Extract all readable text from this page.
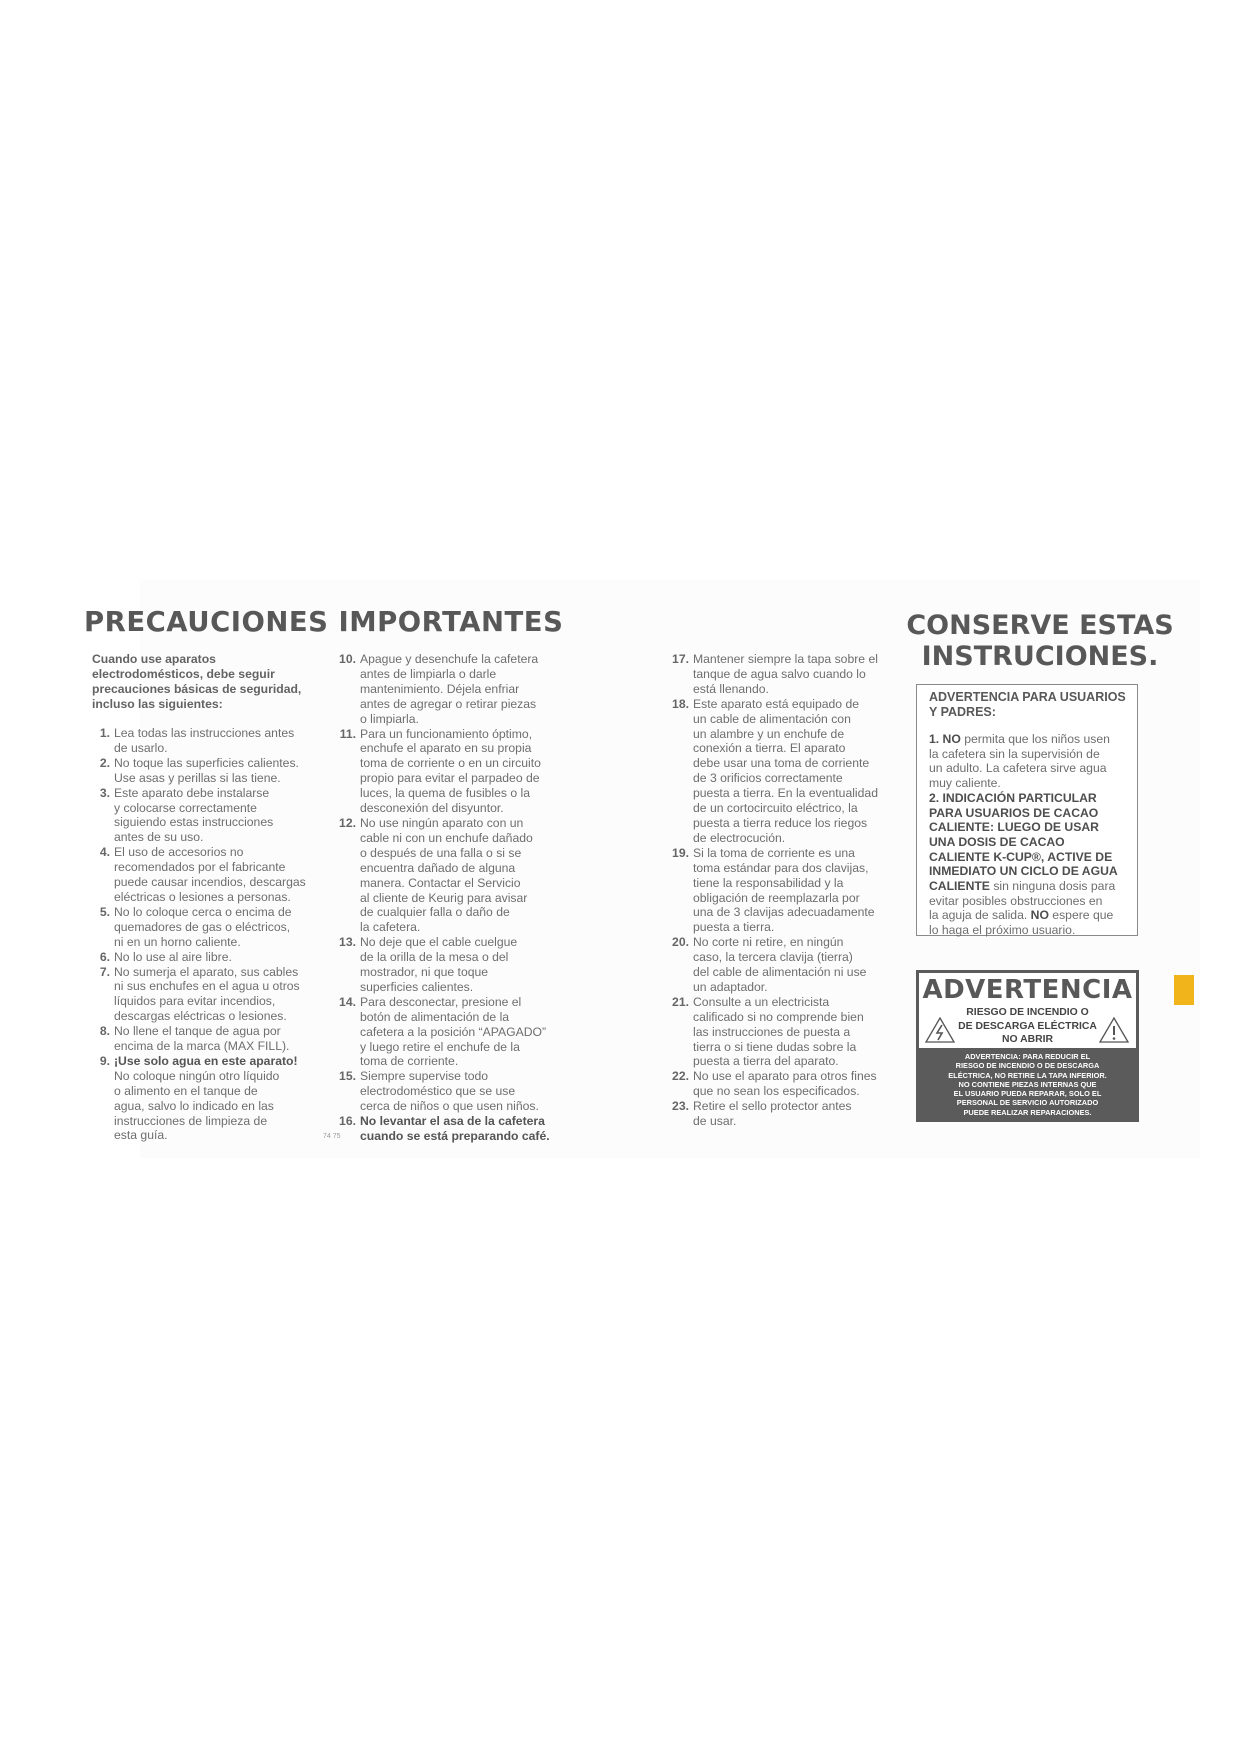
PRECAUCIONES IMPORTANTES	CONSERVE ESTAS
INSTRUCIONES.

Cuando use aparatos
electrodomésticos, debe seguir
precauciones básicas de seguridad,
incluso las siguientes:

1. Lea todas las instrucciones antes
de usarlo.
2. No toque las superficies calientes.
Use asas y perillas si las tiene.
3. Este aparato debe instalarse
y colocarse correctamente
siguiendo estas instrucciones
antes de su uso.
4. El uso de accesorios no
recomendados por el fabricante
puede causar incendios, descargas
eléctricas o lesiones a personas.
5. No lo coloque cerca o encima de
quemadores de gas o eléctricos,
ni en un horno caliente.
6. No lo use al aire libre.
7. No sumerja el aparato, sus cables
ni sus enchufes en el agua u otros
líquidos para evitar incendios,
descargas eléctricas o lesiones.
8. No llene el tanque de agua por
encima de la marca (MAX FILL).
9. ¡Use solo agua en este aparato!
No coloque ningún otro líquido
o alimento en el tanque de
agua, salvo lo indicado en las
instrucciones de limpieza de
esta guía.
10. Apague y desenchufe la cafetera
antes de limpiarla o darle
mantenimiento. Déjela enfriar
antes de agregar o retirar piezas
o limpiarla.
11. Para un funcionamiento óptimo,
enchufe el aparato en su propia
toma de corriente o en un circuito
propio para evitar el parpadeo de
luces, la quema de fusibles o la
desconexión del disyuntor.
12. No use ningún aparato con un
cable ni con un enchufe dañado
o después de una falla o si se
encuentra dañado de alguna
manera. Contactar el Servicio
al cliente de Keurig para avisar
de cualquier falla o daño de
la cafetera.
13. No deje que el cable cuelgue
de la orilla de la mesa o del
mostrador, ni que toque
superficies calientes.
14. Para desconectar, presione el
botón de alimentación de la
cafetera a la posición “APAGADO”
y luego retire el enchufe de la
toma de corriente.
15. Siempre supervise todo
electrodoméstico que se use
cerca de niños o que usen niños.
16. No levantar el asa de la cafetera
cuando se está preparando café.
17. Mantener siempre la tapa sobre el
tanque de agua salvo cuando lo
está llenando.
18. Este aparato está equipado de
un cable de alimentación con
un alambre y un enchufe de
conexión a tierra. El aparato
debe usar una toma de corriente
de 3 orificios correctamente
puesta a tierra. En la eventualidad
de un cortocircuito eléctrico, la
puesta a tierra reduce los riegos
de electrocución.
19. Si la toma de corriente es una
toma estándar para dos clavijas,
tiene la responsabilidad y la
obligación de reemplazarla por
una de 3 clavijas adecuadamente
puesta a tierra.
20. No corte ni retire, en ningún
caso, la tercera clavija (tierra)
del cable de alimentación ni use
un adaptador.
21. Consulte a un electricista
calificado si no comprende bien
las instrucciones de puesta a
tierra o si tiene dudas sobre la
puesta a tierra del aparato.
22. No use el aparato para otros fines
que no sean los especificados.
23. Retire el sello protector antes
de usar.
74 75

ADVERTENCIA PARA USUARIOS
Y PADRES:

1. NO permita que los niños usen
la cafetera sin la supervisión de
un adulto. La cafetera sirve agua
muy caliente.
2. INDICACIÓN PARTICULAR
PARA USUARIOS DE CACAO
CALIENTE: LUEGO DE USAR
UNA DOSIS DE CACAO
CALIENTE K-CUP®, ACTIVE DE
INMEDIATO UN CICLO DE AGUA
CALIENTE sin ninguna dosis para
evitar posibles obstrucciones en
la aguja de salida. NO espere que
lo haga el próximo usuario.
ADVERTENCIA
RIESGO DE INCENDIO O
DE DESCARGA ELÉCTRICA
NO ABRIR
ADVERTENCIA: PARA REDUCIR EL
RIESGO DE INCENDIO O DE DESCARGA
ELÉCTRICA, NO RETIRE LA TAPA INFERIOR.
NO CONTIENE PIEZAS INTERNAS QUE
EL USUARIO PUEDA REPARAR, SOLO EL
PERSONAL DE SERVICIO AUTORIZADO
PUEDE REALIZAR REPARACIONES.
